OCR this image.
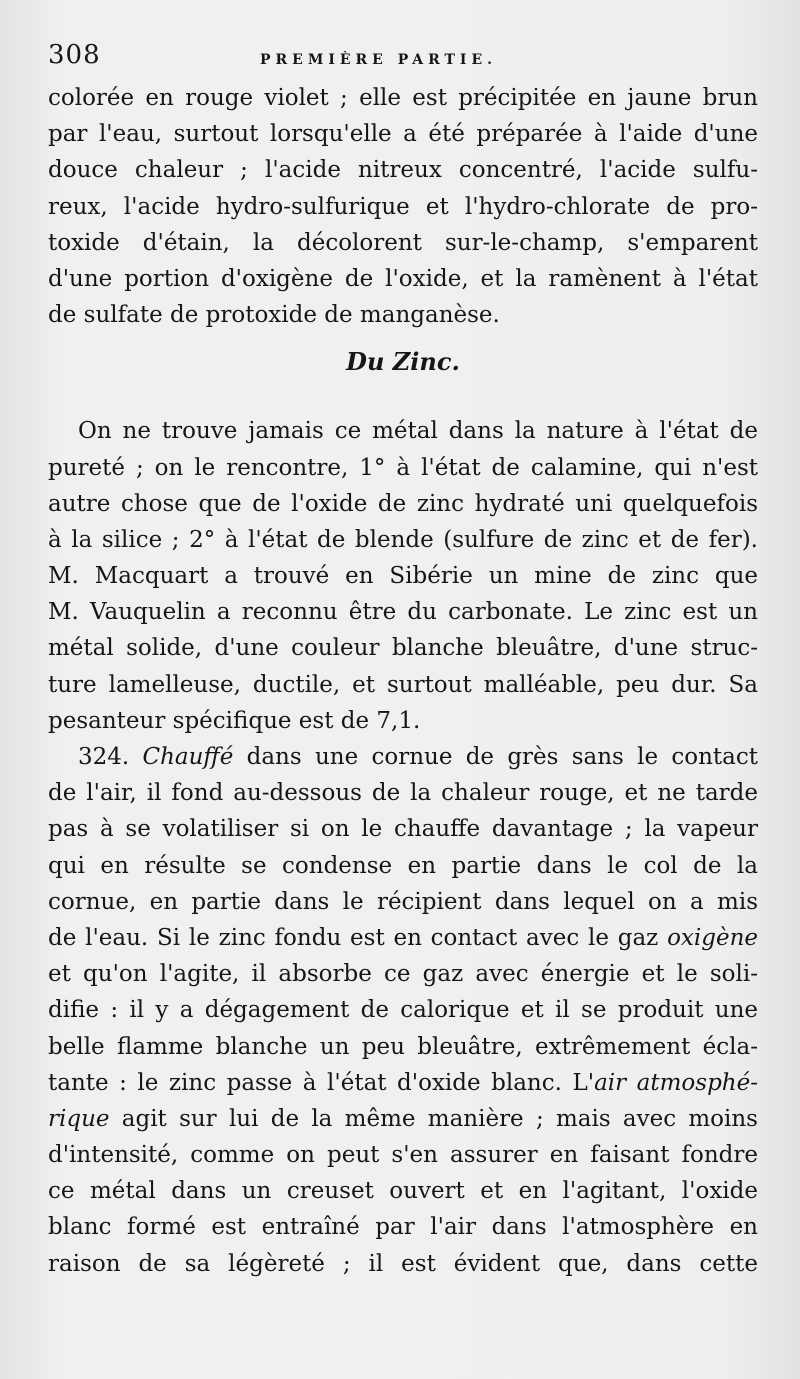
308	PREMIÈRE PARTIE.
colorée en rouge violet ; elle est précipitée en jaune brun
par l'eau, surtout lorsqu'elle a été préparée à l'aide d'une
douce chaleur ; l'acide nitreux concentré, l'acide sulfu-
reux, l'acide hydro-sulfurique et l'hydro-chlorate de pro-
toxide d'étain, la décolorent sur-le-champ, s'emparent
d'une portion d'oxigène de l'oxide, et la ramènent à l'état
de sulfate de protoxide de manganèse.
Du Zinc.
On ne trouve jamais ce métal dans la nature à l'état de
pureté ; on le rencontre, 1° à l'état de calamine, qui n'est
autre chose que de l'oxide de zinc hydraté uni quelquefois
à la silice ; 2° à l'état de blende (sulfure de zinc et de fer).
M. Macquart a trouvé en Sibérie un mine de zinc que
M. Vauquelin a reconnu être du carbonate. Le zinc est un
métal solide, d'une couleur blanche bleuâtre, d'une struc-
ture lamelleuse, ductile, et surtout malléable, peu dur. Sa
pesanteur spécifique est de 7,1.
324. Chauffé dans une cornue de grès sans le contact
de l'air, il fond au-dessous de la chaleur rouge, et ne tarde
pas à se volatiliser si on le chauffe davantage ; la vapeur
qui en résulte se condense en partie dans le col de la
cornue, en partie dans le récipient dans lequel on a mis
de l'eau. Si le zinc fondu est en contact avec le gaz oxigène
et qu'on l'agite, il absorbe ce gaz avec énergie et le soli-
difie : il y a dégagement de calorique et il se produit une
belle flamme blanche un peu bleuâtre, extrêmement écla-
tante : le zinc passe à l'état d'oxide blanc. L'air atmosphé-
rique agit sur lui de la même manière ; mais avec moins
d'intensité, comme on peut s'en assurer en faisant fondre
ce métal dans un creuset ouvert et en l'agitant, l'oxide
blanc formé est entraîné par l'air dans l'atmosphère en
raison de sa légèreté ; il est évident que, dans cette
